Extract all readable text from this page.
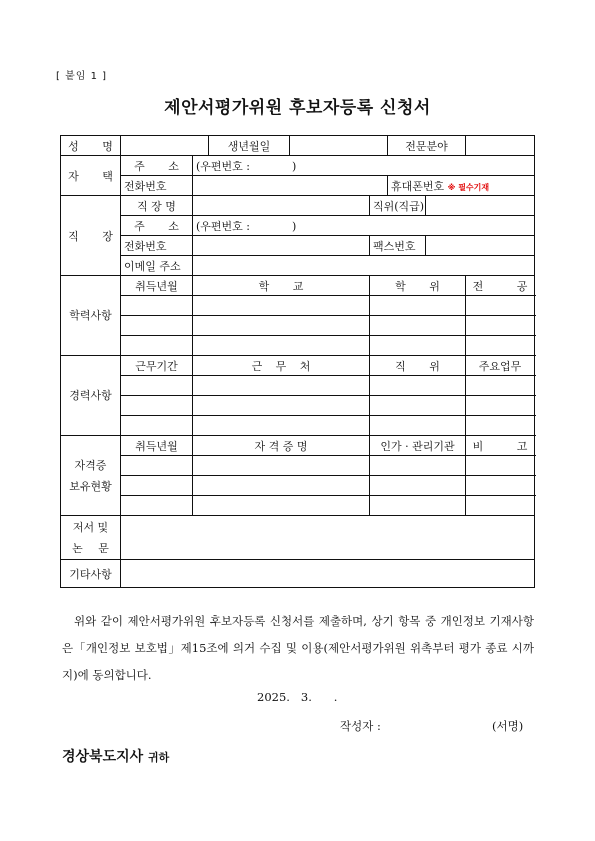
[ 붙임 1 ]
제안서평가위원 후보자등록 신청서
성 명			생년월일			전문분야		
자 택	주 소	(우편번호 :            )						
	전화번호					휴대폰번호 ※ 필수기재		
직 장	직 장 명				직위(직급)			
	주 소	(우편번호 :            )						
	전화번호				팩스번호			
	이메일 주소							
학력사항	취득년월	학 교			학 위			전 공

경력사항	근무기간	근 무 처			직 위			주요업무

자격증
보유현황	취득년월	자 격 증 명			인가 · 관리기관			비 고

저서 및
논 문								

기타사항								
위와 같이 제안서평가위원 후보자등록 신청서를 제출하며, 상기 항목 중 개인정보 기재사항은「개인정보 보호법」제15조에 의거 수집 및 이용(제안서평가위원 위촉부터 평가 종료 시까지)에 동의합니다.
2025.   3.      .
작성자 :	(서명)
경상북도지사 귀하
